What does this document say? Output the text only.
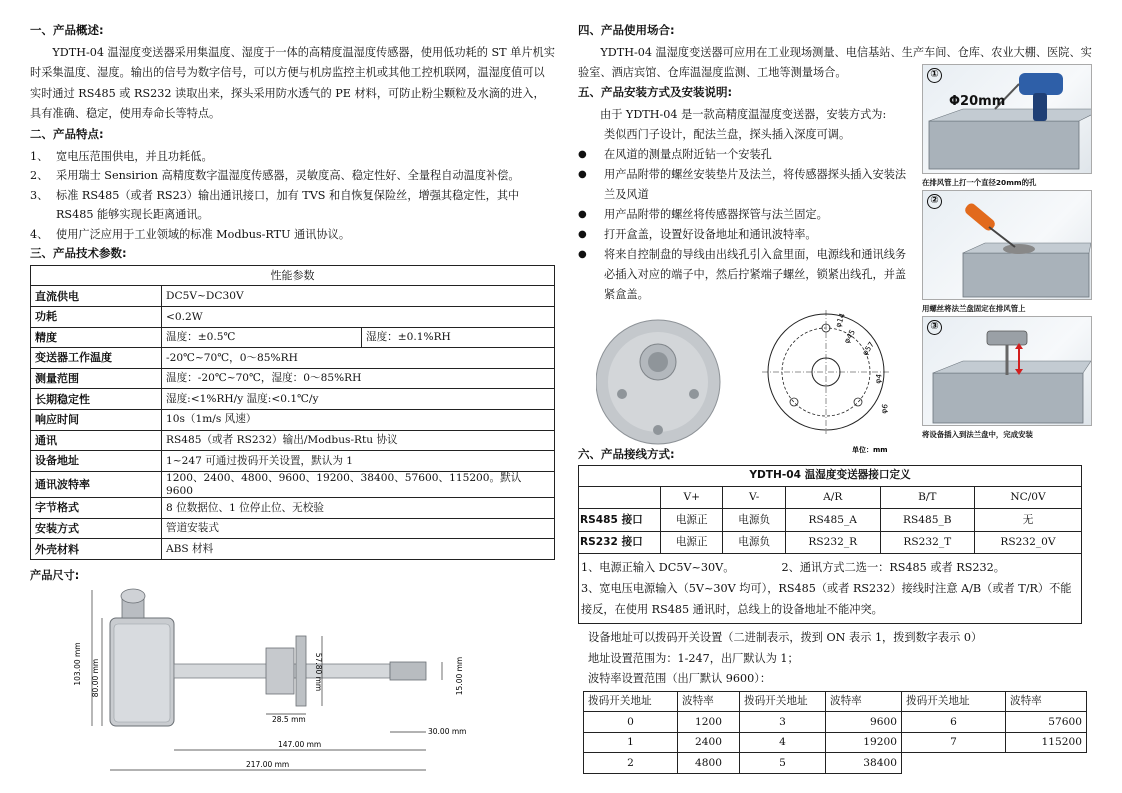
一、产品概述:
YDTH-04 温湿度变送器采用集温度、湿度于一体的高精度温湿度传感器，使用低功耗的 ST 单片机实时采集温度、湿度。输出的信号为数字信号，可以方便与机房监控主机或其他工控机联网，温湿度值可以实时通过 RS485 或 RS232 读取出来，探头采用防水透气的 PE 材料，可防止粉尘颗粒及水滴的进入，具有准确、稳定，使用寿命长等特点。
二、产品特点:
1、 宽电压范围供电，并且功耗低。
2、 采用瑞士 Sensirion 高精度数字温湿度传感器，灵敏度高、稳定性好、全量程自动温度补偿。
3、 标准 RS485（或者 RS23）输出通讯接口，加有 TVS 和自恢复保险丝，增强其稳定性，其中 RS485 能够实现长距离通讯。
4、 使用广泛应用于工业领域的标准 Modbus-RTU 通讯协议。
三、产品技术参数:
性能参数		
直流供电	DC5V~DC30V	
功耗	<0.2W	
精度	温度：±0.5℃	湿度：±0.1%RH
变送器工作温度	-20℃~70℃，0～85%RH	
测量范围	温度：-20℃~70℃，湿度：0～85%RH	
长期稳定性	湿度:<1%RH/y 温度:<0.1℃/y	
响应时间	10s（1m/s 风速）	
通讯	RS485（或者 RS232）输出/Modbus-Rtu 协议	
设备地址	1~247 可通过拨码开关设置，默认为 1	
通讯波特率	1200、2400、4800、9600、19200、38400、57600、115200。默认 9600	
字节格式	8 位数据位、1 位停止位、无校验	
安装方式	管道安装式	
外壳材料	ABS 材料	
产品尺寸:
103.00 mm 80.00 mm	57.80 mm	15.00 mm
28.5 mm
30.00 mm
147.00 mm
217.00 mm
四、产品使用场合:
YDTH-04 温湿度变送器可应用在工业现场测量、电信基站、生产车间、仓库、农业大棚、医院、实验室、酒店宾馆、仓库温湿度监测、工地等测量场合。
五、产品安装方式及安装说明:
由于 YDTH-04 是一款高精度温湿度变送器，安装方式为:
类似西门子设计，配法兰盘，探头插入深度可调。
●	在风道的测量点附近钻一个安装孔
●	用产品附带的螺丝安装垫片及法兰，将传感器探头插入安装法兰及风道
●	用产品附带的螺丝将传感器探管与法兰固定。
●	打开盒盖，设置好设备地址和通讯波特率。
●	将来自控制盘的导线由出线孔引入盒里面，电源线和通讯线务必插入对应的端子中，然后拧紧端子螺丝，锁紧出线孔，并盖紧盒盖。
φ14
φ45
φ57
φ4
φ6
单位：mm
①
Φ20mm
在排风管上打一个直径20mm的孔
②
用螺丝将法兰盘固定在排风管上
③
将设备插入到法兰盘中，完成安装
六、产品接线方式:
YDTH-04 温湿度变送器接口定义					
	V+	V-	A/R	B/T	NC/0V
RS485 接口	电源正	电源负	RS485_A	RS485_B	无
RS232 接口	电源正	电源负	RS232_R	RS232_T	RS232_0V
1、电源正输入 DC5V~30V。	2、通讯方式二选一：RS485 或者 RS232。
3、宽电压电源输入（5V~30V 均可），RS485（或者 RS232）接线时注意 A/B（或者 T/R）不能接反，在使用 RS485 通讯时，总线上的设备地址不能冲突。
设备地址可以拨码开关设置（二进制表示，拨到 ON 表示 1，拨到数字表示 0）
地址设置范围为：1-247，出厂默认为 1；
波特率设置范围（出厂默认 9600）：
拨码开关地址	波特率	拨码开关地址	波特率	拨码开关地址	波特率
0	1200	3	9600	6	57600
1	2400	4	19200	7	115200
2	4800	5	38400		
